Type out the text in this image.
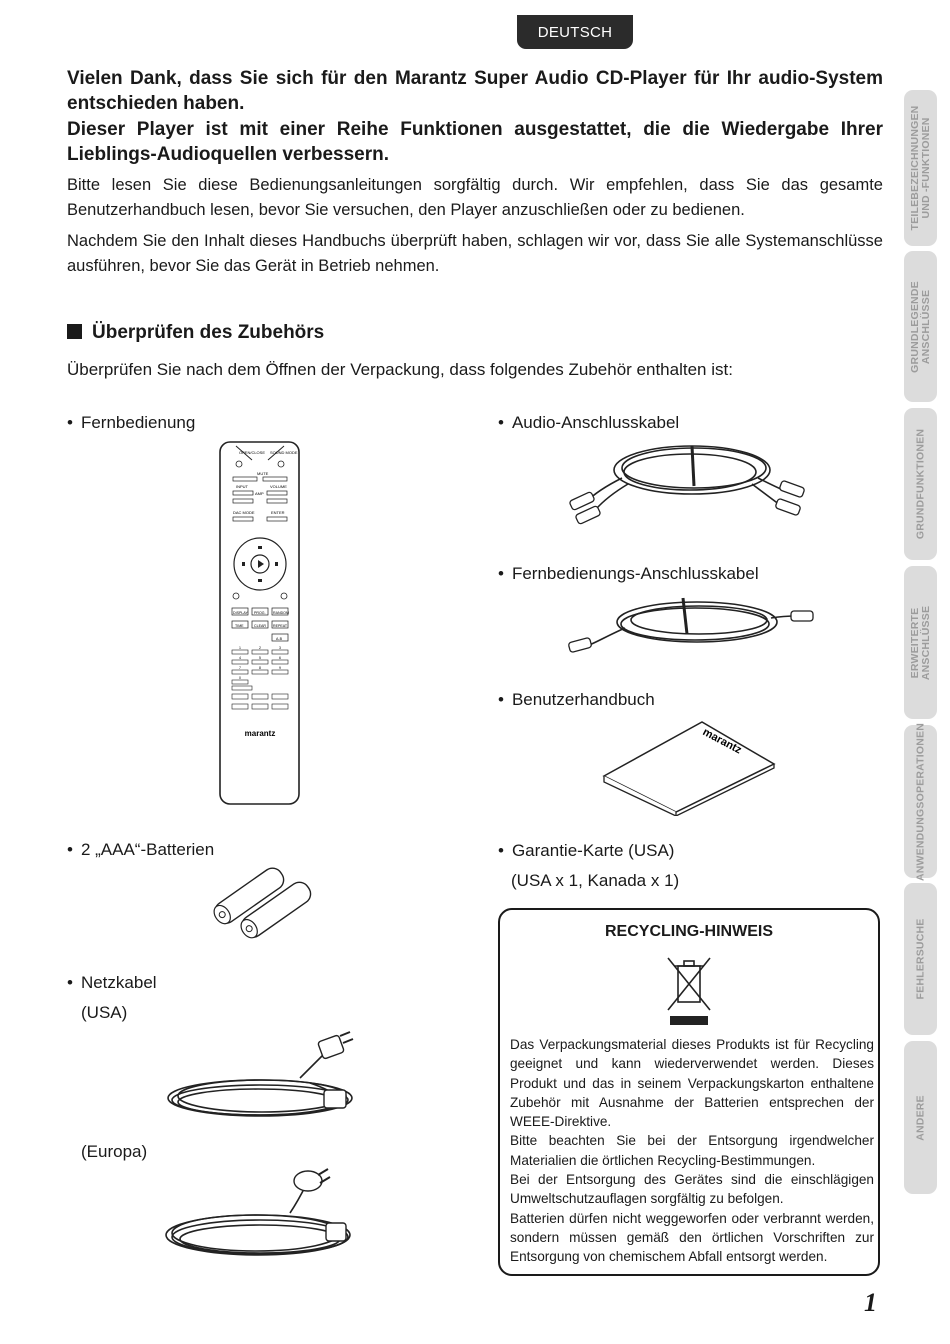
DEUTSCH
Vielen Dank, dass Sie sich für den Marantz Super Audio CD-Player für Ihr audio-System entschieden haben.
Dieser Player ist mit einer Reihe Funktionen ausgestattet, die die Wiedergabe Ihrer Lieblings-Audioquellen verbessern.
Bitte lesen Sie diese Bedienungsanleitungen sorgfältig durch. Wir empfehlen, dass Sie das gesamte Benutzerhandbuch lesen, bevor Sie versuchen, den Player anzuschließen oder zu bedienen.
Nachdem Sie den Inhalt dieses Handbuchs überprüft haben, schlagen wir vor, dass Sie alle Systemanschlüsse ausführen, bevor Sie das Gerät in Betrieb nehmen.
Überprüfen des Zubehörs
Überprüfen Sie nach dem Öffnen der Verpackung, dass folgendes Zubehör enthalten ist:
• Fernbedienung
• 2 „AAA“-Batterien
• Netzkabel
(USA)
(Europa)
• Audio-Anschlusskabel
• Fernbedienungs-Anschlusskabel
• Benutzerhandbuch
• Garantie-Karte (USA)
(USA x 1, Kanada x 1)
OPEN/CLOSE SOUND MODE
MUTE
INPUT	VOLUME
AMP
DAC MODE	ENTER
DISPLAY PROG. RANDOM
TIME	CLEAR REPEAT
A-B
1	2	3
4	5	6
7	8	9
0
marantz	marantz
RECYCLING-HINWEIS

Das Verpackungsmaterial dieses Produkts ist für Recycling geeignet und kann wiederverwendet werden. Dieses Produkt und das in seinem Verpackungskarton enthaltene Zubehör mit Ausnahme der Batterien entsprechen der WEEE-Direktive.

Bitte beachten Sie bei der Entsorgung irgendwelcher Materialien die örtlichen Recycling-Bestimmungen.

Bei der Entsorgung des Gerätes sind die einschlägigen Umweltschutzauflagen sorgfältig zu befolgen.

Batterien dürfen nicht weggeworfen oder verbrannt werden, sondern müssen gemäß den örtlichen Vorschriften zur Entsorgung von chemischem Abfall entsorgt werden.

TEILEBEZEICHNUNGEN UND -FUNKTIONEN
GRUNDLEGENDE ANSCHLÜSSE
GRUNDFUNKTIONEN
ERWEITERTE ANSCHLÜSSE
ANWENDUNGSOPERATIONEN
FEHLERSUCHE
ANDERE
1
